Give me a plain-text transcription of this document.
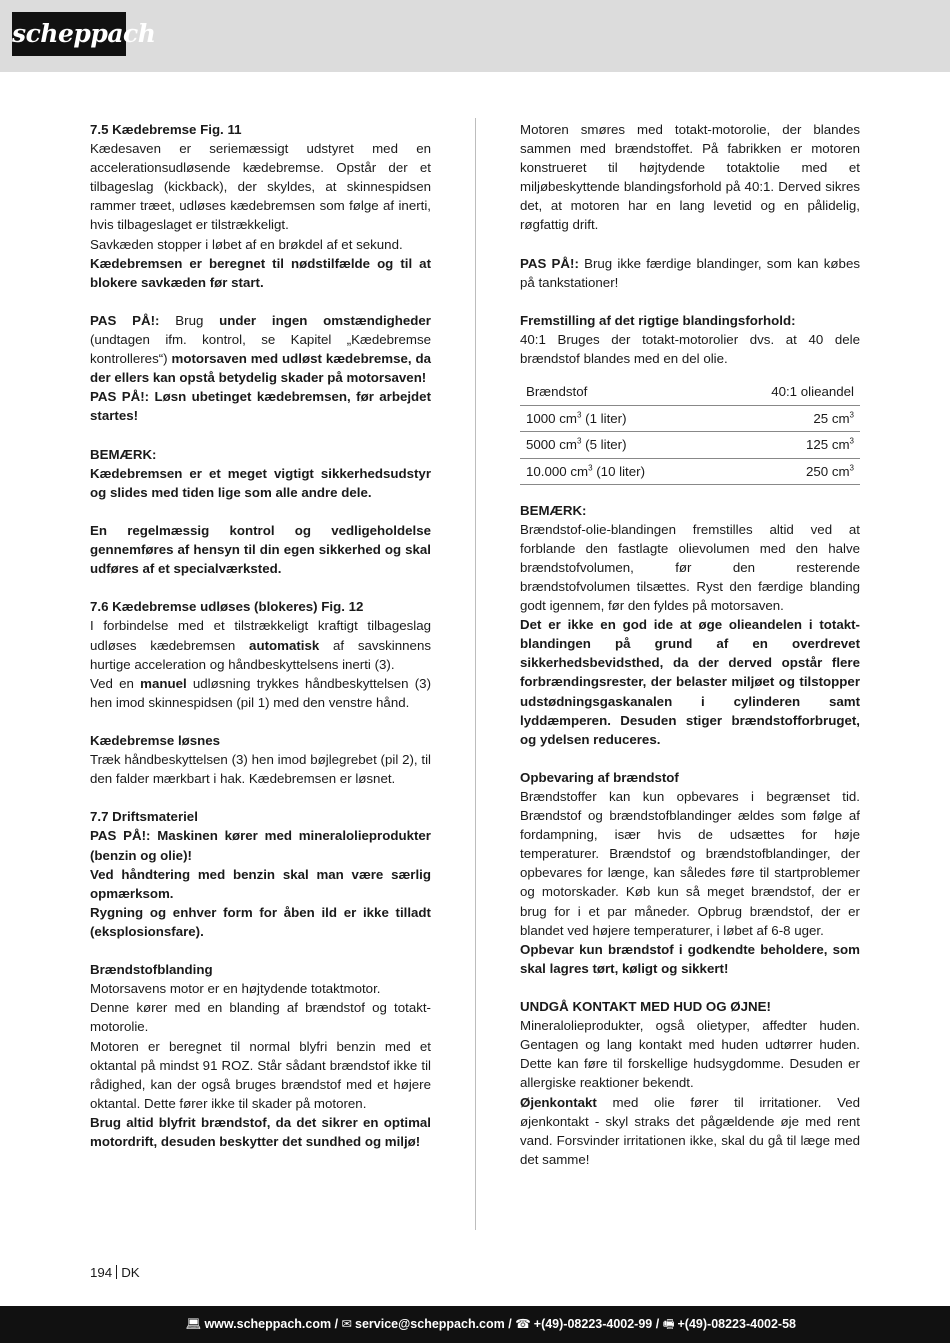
scheppach

7.5 Kædebremse Fig. 11

Kædesaven er seriemæssigt udstyret med en accelerationsudløsende kædebremse. Opstår der et tilbageslag (kickback), der skyldes, at skinnespidsen rammer træet, udløses kædebremsen som følge af inerti, hvis tilbageslaget er tilstrækkeligt.

Savkæden stopper i løbet af en brøkdel af et sekund.

Kædebremsen er beregnet til nødstilfælde og til at blokere savkæden før start.

PAS PÅ!: Brug under ingen omstændigheder (undtagen ifm. kontrol, se Kapitel „Kædebremse kontrolleres“) motorsaven med udløst kædebremse, da der ellers kan opstå betydelig skader på motorsaven!

PAS PÅ!: Løsn ubetinget kædebremsen, før arbejdet startes!

BEMÆRK:

Kædebremsen er et meget vigtigt sikkerhedsudstyr og slides med tiden lige som alle andre dele.

En regelmæssig kontrol og vedligeholdelse gennemføres af hensyn til din egen sikkerhed og skal udføres af et specialværksted.

7.6 Kædebremse udløses (blokeres) Fig. 12

I forbindelse med et tilstrækkeligt kraftigt tilbageslag udløses kædebremsen automatisk af savskinnens hurtige acceleration og håndbeskyttelsens inerti (3).

Ved en manuel udløsning trykkes håndbeskyttelsen (3) hen imod skinnespidsen (pil 1) med den venstre hånd.

Kædebremse løsnes

Træk håndbeskyttelsen (3) hen imod bøjlegrebet (pil 2), til den falder mærkbart i hak. Kædebremsen er løsnet.

7.7 Driftsmateriel

PAS PÅ!: Maskinen kører med mineralolieprodukter (benzin og olie)!

Ved håndtering med benzin skal man være særlig opmærksom.

Rygning og enhver form for åben ild er ikke tilladt (eksplosionsfare).

Brændstofblanding

Motorsavens motor er en højtydende totaktmotor.

Denne kører med en blanding af brændstof og totakt-motorolie.

Motoren er beregnet til normal blyfri benzin med et oktantal på mindst 91 ROZ. Står sådant brændstof ikke til rådighed, kan der også bruges brændstof med et højere oktantal. Dette fører ikke til skader på motoren.

Brug altid blyfrit brændstof, da det sikrer en optimal motordrift, desuden beskytter det sundhed og miljø!

Motoren smøres med totakt-motorolie, der blandes sammen med brændstoffet. På fabrikken er motoren konstrueret til højtydende totaktolie med et miljøbeskyttende blandingsforhold på 40:1. Derved sikres det, at motoren har en lang levetid og en pålidelig, røgfattig drift.

PAS PÅ!: Brug ikke færdige blandinger, som kan købes på tankstationer!

Fremstilling af det rigtige blandingsforhold:

40:1 Bruges der totakt-motorolier dvs. at 40 dele brændstof blandes med en del olie.

Brændstof	40:1 olieandel
1000 $cm^3$ (1 liter)	25 $cm^3$
5000 $cm^3$ (5 liter)	125 $cm^3$
10.000 $cm^3$ (10 liter)	250 $cm^3$

BEMÆRK:

Brændstof-olie-blandingen fremstilles altid ved at forblande den fastlagte olievolumen med den halve brændstofvolumen, før den resterende brændstofvolumen tilsættes. Ryst den færdige blanding godt igennem, før den fyldes på motorsaven.

Det er ikke en god ide at øge olieandelen i totakt-blandingen på grund af en overdrevet sikkerhedsbevidsthed, da der derved opstår flere forbrændingsrester, der belaster miljøet og tilstopper udstødningsgaskanalen i cylinderen samt lyddæmperen. Desuden stiger brændstofforbruget, og ydelsen reduceres.

Opbevaring af brændstof

Brændstoffer kan kun opbevares i begrænset tid. Brændstof og brændstofblandinger ældes som følge af fordampning, især hvis de udsættes for høje temperaturer. Brændstof og brændstofblandinger, der opbevares for længe, kan således føre til startproblemer og motorskader. Køb kun så meget brændstof, der er brug for i et par måneder. Opbrug brændstof, der er blandet ved højere temperaturer, i løbet af 6-8 uger.

Opbevar kun brændstof i godkendte beholdere, som skal lagres tørt, køligt og sikkert!

UNDGÅ KONTAKT MED HUD OG ØJNE!

Mineralolieprodukter, også olietyper, affedter huden. Gentagen og lang kontakt med huden udtørrer huden. Dette kan føre til forskellige hudsygdomme. Desuden er allergiske reaktioner bekendt.

Øjenkontakt med olie fører til irritationer. Ved øjenkontakt - skyl straks det pågældende øje med rent vand. Forsvinder irritationen ikke, skal du gå til læge med det samme!

194 DK
💻︎ www.scheppach.com / ✉︎ service@scheppach.com / ☎︎ +(49)-08223-4002-99 / 🖷︎ +(49)-08223-4002-58
